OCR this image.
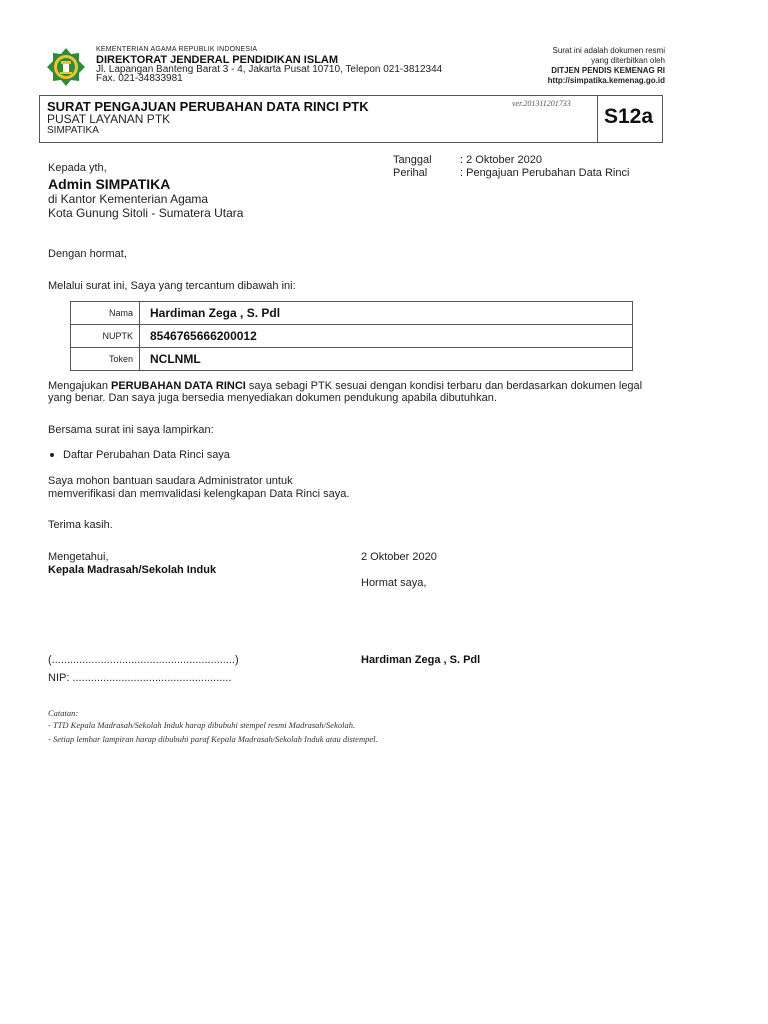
KEMENTERIAN AGAMA REPUBLIK INDONESIA
DIREKTORAT JENDERAL PENDIDIKAN ISLAM
Jl. Lapangan Banteng Barat 3 - 4, Jakarta Pusat 10710, Telepon 021-3812344
Fax. 021-34833981
Surat ini adalah dokumen resmi
yang diterbitkan oleh
DITJEN PENDIS KEMENAG RI
http://simpatika.kemenag.go.id
SURAT PENGAJUAN PERUBAHAN DATA RINCI PTK
PUSAT LAYANAN PTK
SIMPATIKA
ver.201311201733
S12a
Kepada yth,
Admin SIMPATIKA
di Kantor Kementerian Agama
Kota Gunung Sitoli - Sumatera Utara
Tanggal	: 2 Oktober 2020
Perihal	: Pengajuan Perubahan Data Rinci
Dengan hormat,
Melalui surat ini, Saya yang tercantum dibawah ini:
Nama	Hardiman Zega , S. Pdl
NUPTK	8546765666200012
Token	NCLNML
Mengajukan PERUBAHAN DATA RINCI saya sebagi PTK sesuai dengan kondisi terbaru dan berdasarkan dokumen legal yang benar. Dan saya juga bersedia menyediakan dokumen pendukung apabila dibutuhkan.
Bersama surat ini saya lampirkan:
Daftar Perubahan Data Rinci saya
Saya mohon bantuan saudara Administrator untuk
memverifikasi dan memvalidasi kelengkapan Data Rinci saya.
Terima kasih.
Mengetahui,
Kepala Madrasah/Sekolah Induk
2 Oktober 2020
Hormat saya,
(............................................................)	Hardiman Zega , S. Pdl
NIP: ....................................................
Catatan:
- TTD Kepala Madrasah/Sekolah Induk harap dibubuhi stempel resmi Madrasah/Sekolah.
- Setiap lembar lampiran harap dibubuhi paraf Kepala Madrasah/Sekolah Induk atau distempel.
